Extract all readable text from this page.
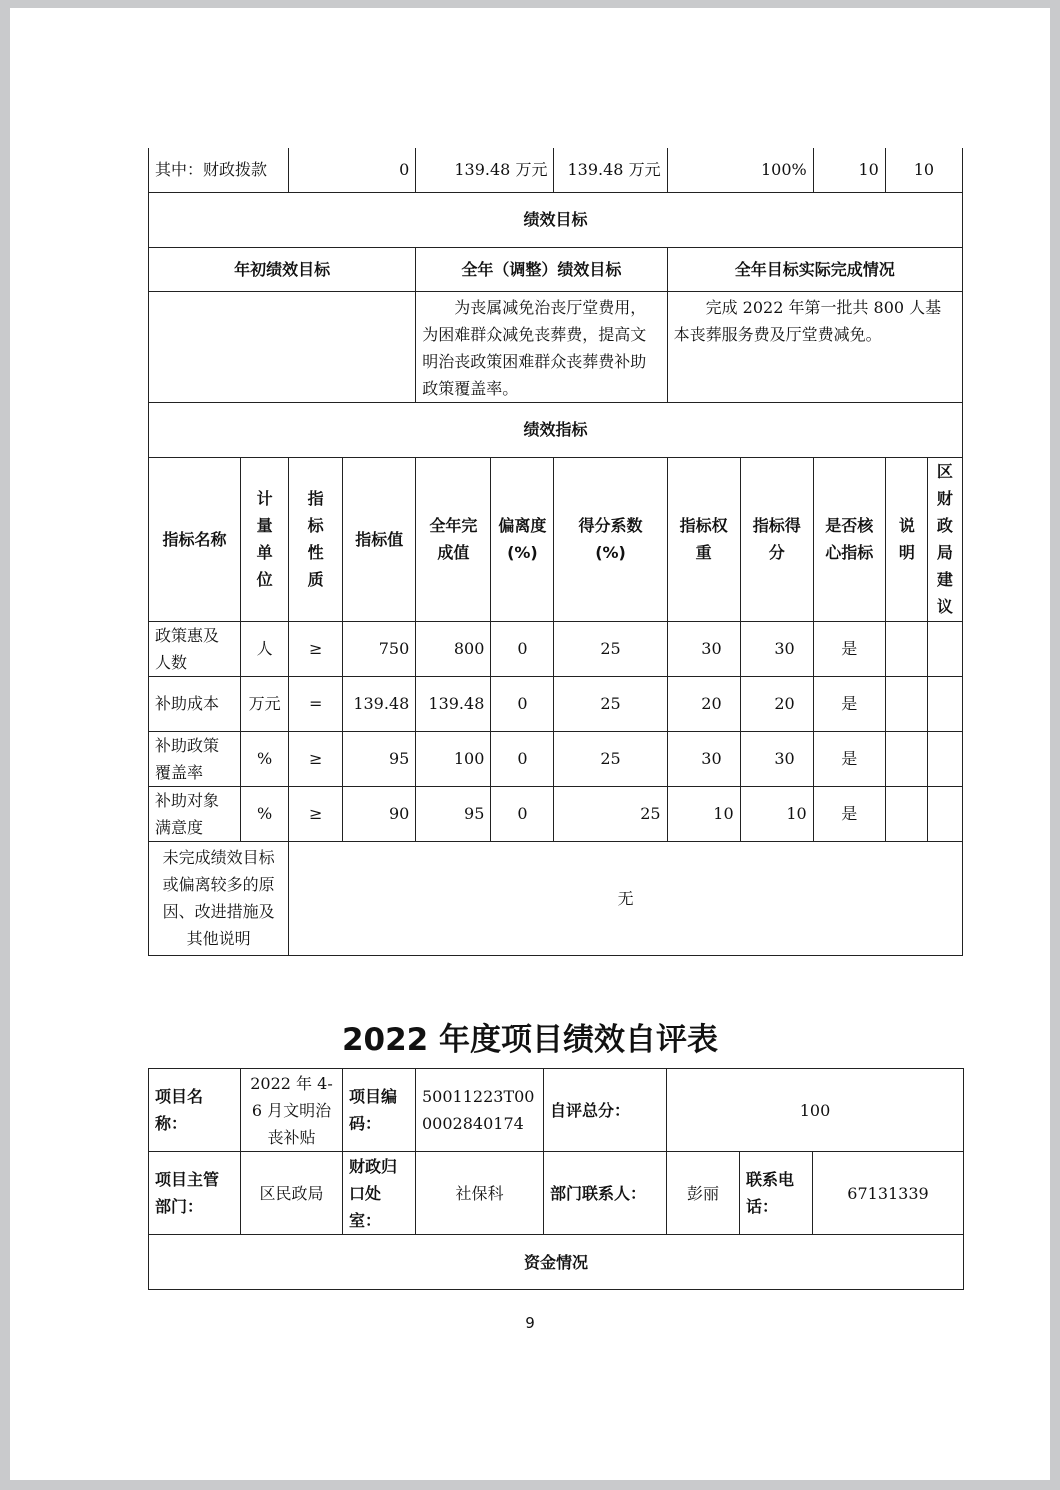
其中：财政拨款		0		139.48 万元		139.48 万元	100%		10	10	
绩效目标											
年初绩效目标				全年（调整）绩效目标			全年目标实际完成情况				
				为丧属减免治丧厅堂费用，为困难群众减免丧葬费，提高文明治丧政策困难群众丧葬费补助政策覆盖率。			完成 2022 年第一批共 800 人基本丧葬服务费及厅堂费减免。				
绩效指标											
指标名称	计量单位	指标性质	指标值	全年完成值	偏离度(%)	得分系数(%)	指标权重	指标得分	是否核心指标	说明	区财政局建议
政策惠及人数	人	≥	750	800	0	25	30	30	是		
补助成本	万元	=	139.48	139.48	0	25	20	20	是		
补助政策覆盖率	%	≥	95	100	0	25	30	30	是		
补助对象满意度	%	≥	90	95	0	25	10	10	是		
未完成绩效目标或偏离较多的原因、改进措施及其他说明		无									
2022 年度项目绩效自评表
项目名称：	2022 年 4-6 月文明治丧补贴	项目编码：	50011223T000002840174	自评总分：	100		
项目主管部门：	区民政局	财政归口处室：	社保科	部门联系人：	彭丽	联系电话：	67131339
资金情况							
9
